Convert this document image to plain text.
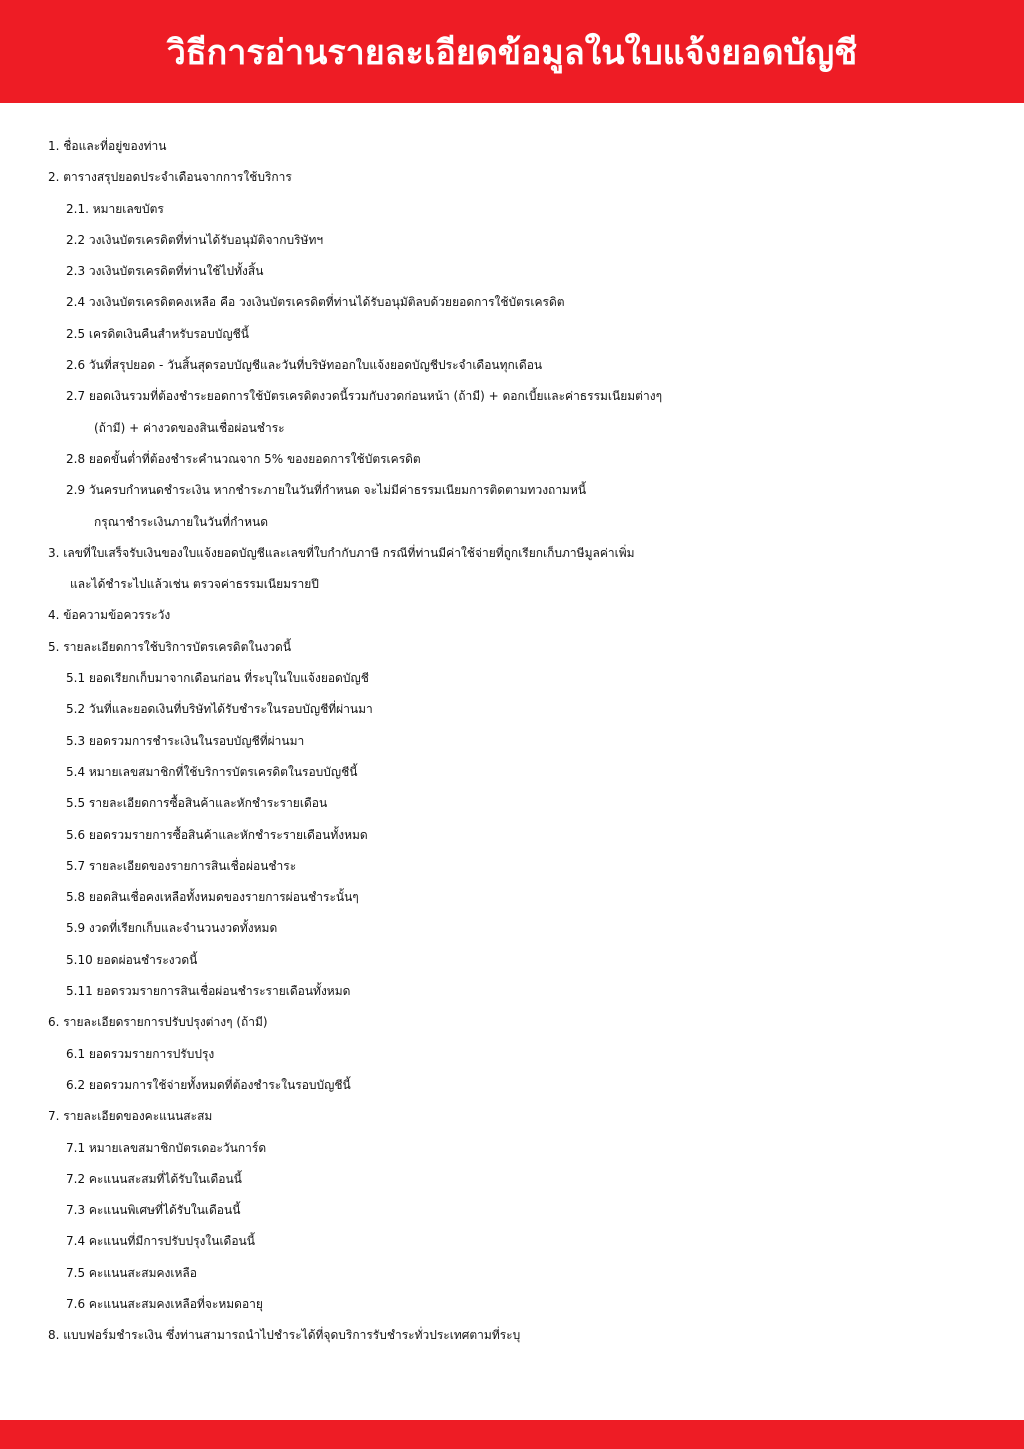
วิธีการอ่านรายละเอียดข้อมูลในใบแจ้งยอดบัญชี
1. ชื่อและที่อยู่ของท่าน
2. ตารางสรุปยอดประจำเดือนจากการใช้บริการ
2.1. หมายเลขบัตร
2.2 วงเงินบัตรเครดิตที่ท่านได้รับอนุมัติจากบริษัทฯ
2.3 วงเงินบัตรเครดิตที่ท่านใช้ไปทั้งสิ้น
2.4 วงเงินบัตรเครดิตคงเหลือ คือ วงเงินบัตรเครดิตที่ท่านได้รับอนุมัติลบด้วยยอดการใช้บัตรเครดิต
2.5 เครดิตเงินคืนสำหรับรอบบัญชีนี้
2.6 วันที่สรุปยอด - วันสิ้นสุดรอบบัญชีและวันที่บริษัทออกใบแจ้งยอดบัญชีประจำเดือนทุกเดือน
2.7 ยอดเงินรวมที่ต้องชำระยอดการใช้บัตรเครดิตงวดนี้รวมกับงวดก่อนหน้า (ถ้ามี) + ดอกเบี้ยและค่าธรรมเนียมต่างๆ
(ถ้ามี) + ค่างวดของสินเชื่อผ่อนชำระ
2.8 ยอดขั้นต่ำที่ต้องชำระคำนวณจาก 5% ของยอดการใช้บัตรเครดิต
2.9 วันครบกำหนดชำระเงิน หากชำระภายในวันที่กำหนด จะไม่มีค่าธรรมเนียมการติดตามทวงถามหนี้
กรุณาชำระเงินภายในวันที่กำหนด
3. เลขที่ใบเสร็จรับเงินของใบแจ้งยอดบัญชีและเลขที่ใบกำกับภาษี กรณีที่ท่านมีค่าใช้จ่ายที่ถูกเรียกเก็บภาษีมูลค่าเพิ่ม
และได้ชำระไปแล้วเช่น ตรวจค่าธรรมเนียมรายปี
4. ข้อความข้อควรระวัง
5. รายละเอียดการใช้บริการบัตรเครดิตในงวดนี้
5.1 ยอดเรียกเก็บมาจากเดือนก่อน ที่ระบุในใบแจ้งยอดบัญชี
5.2 วันที่และยอดเงินที่บริษัทได้รับชำระในรอบบัญชีที่ผ่านมา
5.3 ยอดรวมการชำระเงินในรอบบัญชีที่ผ่านมา
5.4 หมายเลขสมาชิกที่ใช้บริการบัตรเครดิตในรอบบัญชีนี้
5.5 รายละเอียดการซื้อสินค้าและหักชำระรายเดือน
5.6 ยอดรวมรายการซื้อสินค้าและหักชำระรายเดือนทั้งหมด
5.7 รายละเอียดของรายการสินเชื่อผ่อนชำระ
5.8 ยอดสินเชื่อคงเหลือทั้งหมดของรายการผ่อนชำระนั้นๆ
5.9 งวดที่เรียกเก็บและจำนวนงวดทั้งหมด
5.10 ยอดผ่อนชำระงวดนี้
5.11 ยอดรวมรายการสินเชื่อผ่อนชำระรายเดือนทั้งหมด
6. รายละเอียดรายการปรับปรุงต่างๆ (ถ้ามี)
6.1 ยอดรวมรายการปรับปรุง
6.2 ยอดรวมการใช้จ่ายทั้งหมดที่ต้องชำระในรอบบัญชีนี้
7. รายละเอียดของคะแนนสะสม
7.1 หมายเลขสมาชิกบัตรเดอะวันการ์ด
7.2 คะแนนสะสมที่ได้รับในเดือนนี้
7.3 คะแนนพิเศษที่ได้รับในเดือนนี้
7.4 คะแนนที่มีการปรับปรุงในเดือนนี้
7.5 คะแนนสะสมคงเหลือ
7.6 คะแนนสะสมคงเหลือที่จะหมดอายุ
8. แบบฟอร์มชำระเงิน ซึ่งท่านสามารถนำไปชำระได้ที่จุดบริการรับชำระทั่วประเทศตามที่ระบุ
